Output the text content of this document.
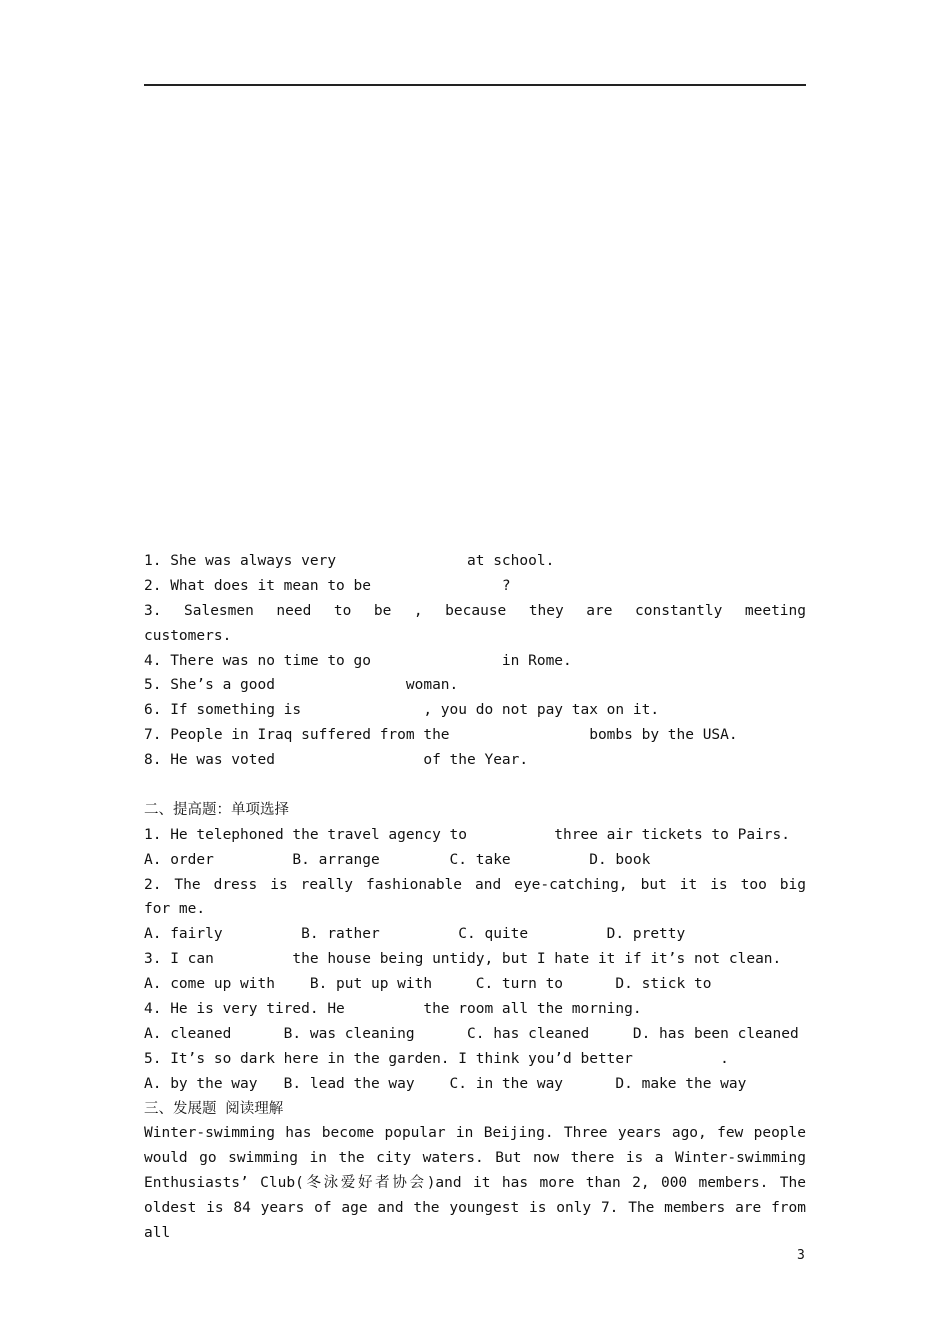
1. She was always very               at school.
2. What does it mean to be               ?
3. Salesmen need to be , because they are constantly meeting
customers.
4. There was no time to go               in Rome.
5. She’s a good               woman.
6. If something is              , you do not pay tax on it.
7. People in Iraq suffered from the                bombs by the USA.
8. He was voted                 of the Year.
二、提高题：单项选择
1. He telephoned the travel agency to          three air tickets to Pairs.
A. order         B. arrange        C. take         D. book
2. The dress is really fashionable and eye-catching, but it is too big
for me.
A. fairly         B. rather         C. quite         D. pretty
3. I can         the house being untidy, but I hate it if it’s not clean.
A. come up with    B. put up with     C. turn to      D. stick to
4. He is very tired. He         the room all the morning.
A. cleaned      B. was cleaning      C. has cleaned     D. has been cleaned
5. It’s so dark here in the garden. I think you’d better          .
A. by the way   B. lead the way    C. in the way      D. make the way
三、发展题 阅读理解
Winter-swimming has become popular in Beijing. Three years ago, few people
would go swimming in the city waters. But now there is a Winter-swimming
Enthusiasts’ Club(冬泳爱好者协会)and it has more than 2, 000 members. The
oldest is 84 years of age and the youngest is only 7. The members are from all
3
